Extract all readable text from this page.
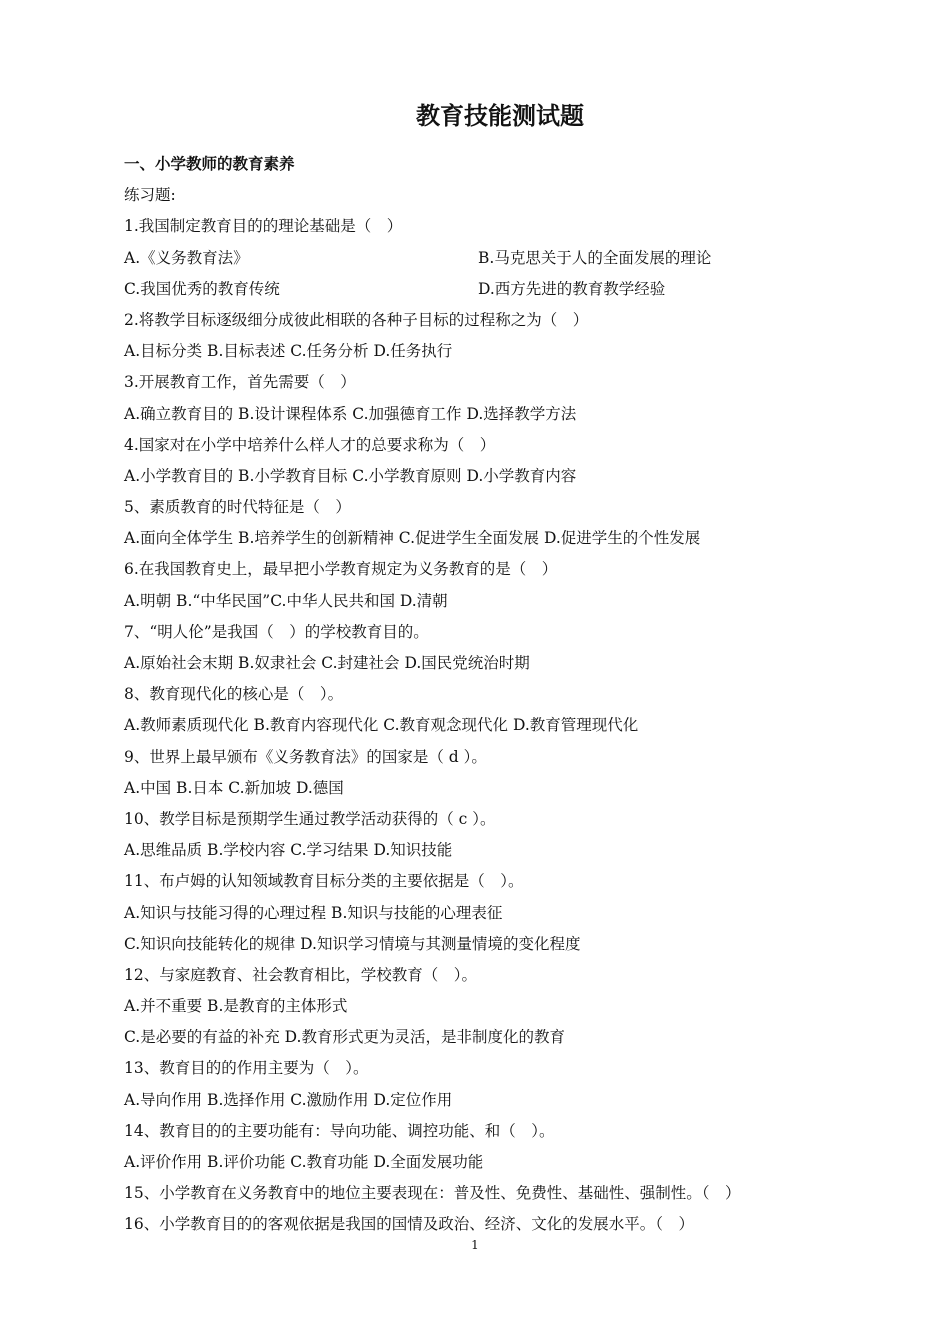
教育技能测试题
一、小学教师的教育素养
练习题:
1.我国制定教育目的的理论基础是（　）
A.《义务教育法》	B.马克思关于人的全面发展的理论
C.我国优秀的教育传统	D.西方先进的教育教学经验
2.将教学目标逐级细分成彼此相联的各种子目标的过程称之为（　）
A.目标分类 B.目标表述 C.任务分析 D.任务执行
3.开展教育工作，首先需要（　）
A.确立教育目的 B.设计课程体系 C.加强德育工作 D.选择教学方法
4.国家对在小学中培养什么样人才的总要求称为（　）
A.小学教育目的 B.小学教育目标 C.小学教育原则 D.小学教育内容
5、素质教育的时代特征是（　）
A.面向全体学生 B.培养学生的创新精神 C.促进学生全面发展 D.促进学生的个性发展
6.在我国教育史上，最早把小学教育规定为义务教育的是（　）
A.明朝 B.“中华民国”C.中华人民共和国 D.清朝
7、“明人伦”是我国（　）的学校教育目的。
A.原始社会末期 B.奴隶社会 C.封建社会 D.国民党统治时期
8、教育现代化的核心是（　）。
A.教师素质现代化 B.教育内容现代化 C.教育观念现代化 D.教育管理现代化
9、世界上最早颁布《义务教育法》的国家是（ d ）。
A.中国 B.日本 C.新加坡 D.德国
10、教学目标是预期学生通过教学活动获得的（ c ）。
A.思维品质 B.学校内容 C.学习结果 D.知识技能
11、布卢姆的认知领域教育目标分类的主要依据是（　）。
A.知识与技能习得的心理过程 B.知识与技能的心理表征
C.知识向技能转化的规律 D.知识学习情境与其测量情境的变化程度
12、与家庭教育、社会教育相比，学校教育（　）。
A.并不重要 B.是教育的主体形式
C.是必要的有益的补充 D.教育形式更为灵活，是非制度化的教育
13、教育目的的作用主要为（　）。
A.导向作用 B.选择作用 C.激励作用 D.定位作用
14、教育目的的主要功能有：导向功能、调控功能、和（　）。
A.评价作用 B.评价功能 C.教育功能 D.全面发展功能
15、小学教育在义务教育中的地位主要表现在：普及性、免费性、基础性、强制性。（　）
16、小学教育目的的客观依据是我国的国情及政治、经济、文化的发展水平。（　）
1
